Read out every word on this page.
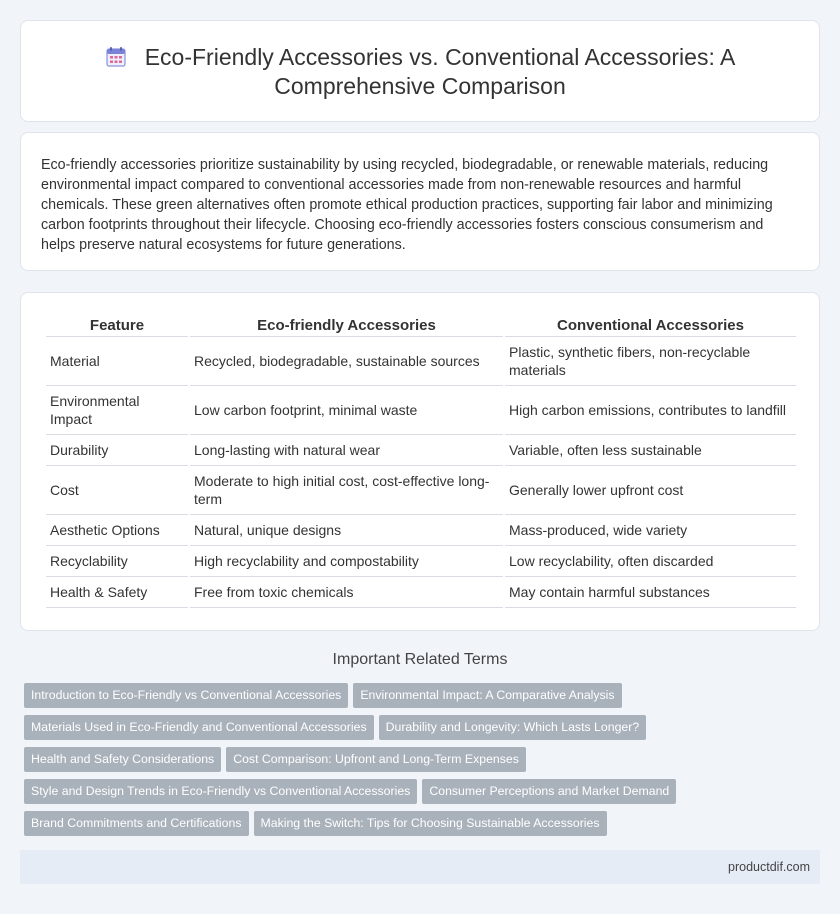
Eco-Friendly Accessories vs. Conventional Accessories: A Comprehensive Comparison

Eco-friendly accessories prioritize sustainability by using recycled, biodegradable, or renewable materials, reducing environmental impact compared to conventional accessories made from non-renewable resources and harmful chemicals. These green alternatives often promote ethical production practices, supporting fair labor and minimizing carbon footprints throughout their lifecycle. Choosing eco-friendly accessories fosters conscious consumerism and helps preserve natural ecosystems for future generations.

Feature	Eco-friendly Accessories	Conventional Accessories
Material	Recycled, biodegradable, sustainable sources	Plastic, synthetic fibers, non-recyclable materials
Environmental Impact	Low carbon footprint, minimal waste	High carbon emissions, contributes to landfill
Durability	Long-lasting with natural wear	Variable, often less sustainable
Cost	Moderate to high initial cost, cost-effective long-term	Generally lower upfront cost
Aesthetic Options	Natural, unique designs	Mass-produced, wide variety
Recyclability	High recyclability and compostability	Low recyclability, often discarded
Health & Safety	Free from toxic chemicals	May contain harmful substances
Important Related Terms
Introduction to Eco-Friendly vs Conventional Accessories Environmental Impact: A Comparative Analysis
Materials Used in Eco-Friendly and Conventional Accessories Durability and Longevity: Which Lasts Longer?
Health and Safety Considerations Cost Comparison: Upfront and Long-Term Expenses
Style and Design Trends in Eco-Friendly vs Conventional Accessories Consumer Perceptions and Market Demand
Brand Commitments and Certifications Making the Switch: Tips for Choosing Sustainable Accessories
productdif.com
